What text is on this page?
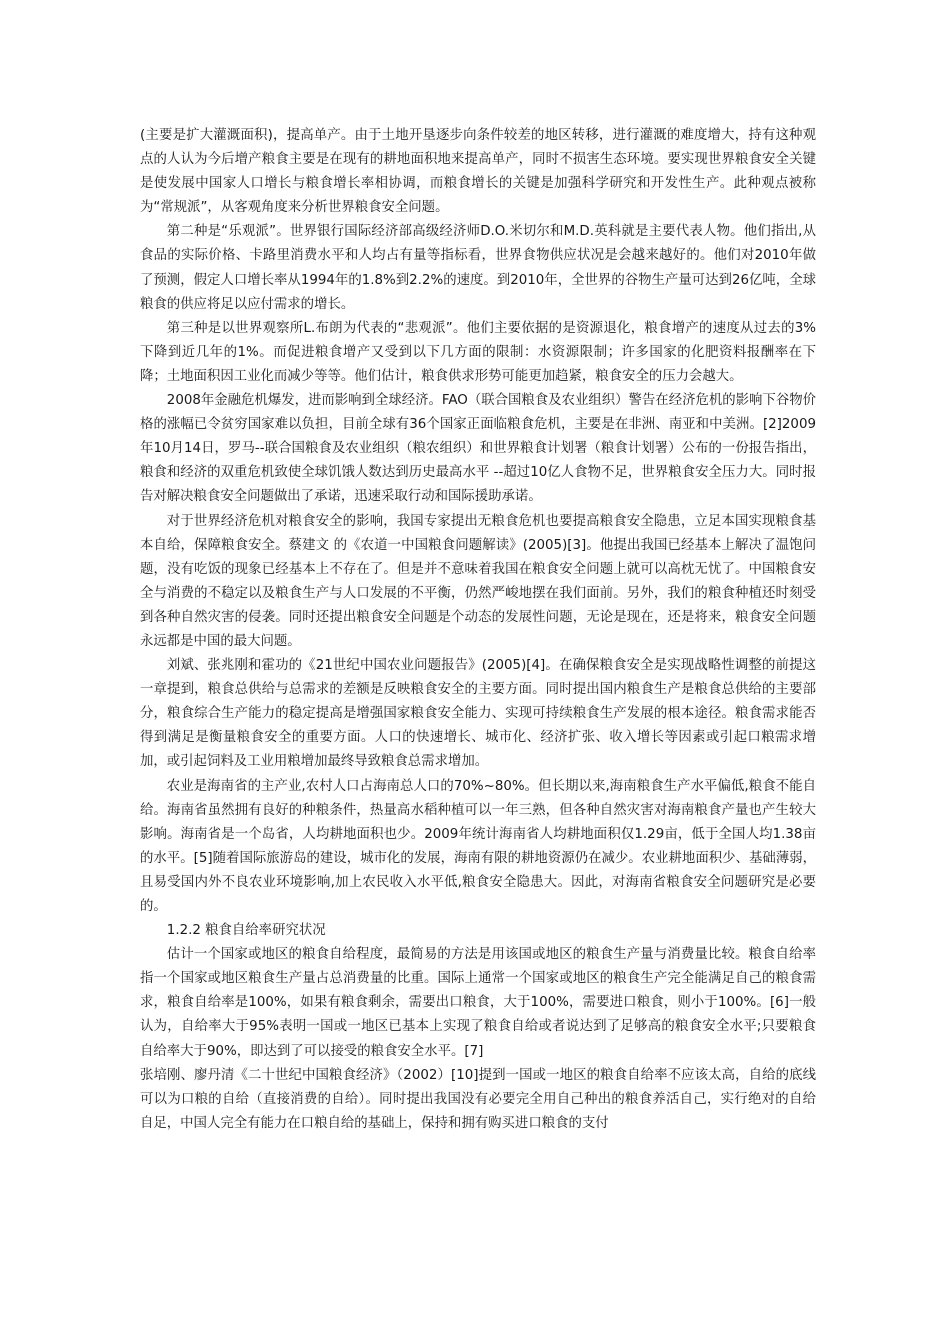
(主要是扩大灌溉面积)，提高单产。由于土地开垦逐步向条件较差的地区转移，进行灌溉的难度增大，持有这种观点的人认为今后增产粮食主要是在现有的耕地面积地来提高单产，同时不损害生态环境。要实现世界粮食安全关键是使发展中国家人口增长与粮食增长率相协调，而粮食增长的关键是加强科学研究和开发性生产。此种观点被称为“常规派”，从客观角度来分析世界粮食安全问题。

第二种是“乐观派”。世界银行国际经济部高级经济师D.O.米切尔和M.D.英科就是主要代表人物。他们指出,从食品的实际价格、卡路里消费水平和人均占有量等指标看，世界食物供应状况是会越来越好的。他们对2010年做了预测，假定人口增长率从1994年的1.8%到2.2%的速度。到2010年，全世界的谷物生产量可达到26亿吨，全球粮食的供应将足以应付需求的增长。

第三种是以世界观察所L.布朗为代表的“悲观派”。他们主要依据的是资源退化，粮食增产的速度从过去的3%下降到近几年的1%。而促进粮食增产又受到以下几方面的限制：水资源限制；许多国家的化肥资料报酬率在下降；土地面积因工业化而减少等等。他们估计，粮食供求形势可能更加趋紧，粮食安全的压力会越大。

2008年金融危机爆发，进而影响到全球经济。FAO（联合国粮食及农业组织）警告在经济危机的影响下谷物价格的涨幅已令贫穷国家难以负担，目前全球有36个国家正面临粮食危机，主要是在非洲、南亚和中美洲。[2]2009年10月14日，罗马--联合国粮食及农业组织（粮农组织）和世界粮食计划署（粮食计划署）公布的一份报告指出，粮食和经济的双重危机致使全球饥饿人数达到历史最高水平 --超过10亿人食物不足，世界粮食安全压力大。同时报告对解决粮食安全问题做出了承诺，迅速采取行动和国际援助承诺。

对于世界经济危机对粮食安全的影响，我国专家提出无粮食危机也要提高粮食安全隐患，立足本国实现粮食基本自给，保障粮食安全。蔡建文 的《农道一中国粮食问题解读》(2005)[3]。他提出我国已经基本上解决了温饱问题，没有吃饭的现象已经基本上不存在了。但是并不意味着我国在粮食安全问题上就可以高枕无忧了。中国粮食安全与消费的不稳定以及粮食生产与人口发展的不平衡，仍然严峻地摆在我们面前。另外，我们的粮食种植还时刻受到各种自然灾害的侵袭。同时还提出粮食安全问题是个动态的发展性问题，无论是现在，还是将来，粮食安全问题永远都是中国的最大问题。

刘斌、张兆刚和霍功的《21世纪中国农业问题报告》(2005)[4]。在确保粮食安全是实现战略性调整的前提这一章提到，粮食总供给与总需求的差额是反映粮食安全的主要方面。同时提出国内粮食生产是粮食总供给的主要部分，粮食综合生产能力的稳定提高是增强国家粮食安全能力、实现可持续粮食生产发展的根本途径。粮食需求能否得到满足是衡量粮食安全的重要方面。人口的快速增长、城市化、经济扩张、收入增长等因素或引起口粮需求增加，或引起饲料及工业用粮增加最终导致粮食总需求增加。

农业是海南省的主产业,农村人口占海南总人口的70%~80%。但长期以来,海南粮食生产水平偏低,粮食不能自给。海南省虽然拥有良好的种粮条件，热量高水稻种植可以一年三熟，但各种自然灾害对海南粮食产量也产生较大影响。海南省是一个岛省，人均耕地面积也少。2009年统计海南省人均耕地面积仅1.29亩，低于全国人均1.38亩的水平。[5]随着国际旅游岛的建设，城市化的发展，海南有限的耕地资源仍在减少。农业耕地面积少、基础薄弱，且易受国内外不良农业环境影响,加上农民收入水平低,粮食安全隐患大。因此，对海南省粮食安全问题研究是必要的。

1.2.2 粮食自给率研究状况

估计一个国家或地区的粮食自给程度，最简易的方法是用该国或地区的粮食生产量与消费量比较。粮食自给率指一个国家或地区粮食生产量占总消费量的比重。国际上通常一个国家或地区的粮食生产完全能满足自己的粮食需求，粮食自给率是100%，如果有粮食剩余，需要出口粮食，大于100%，需要进口粮食，则小于100%。[6]一般认为，自给率大于95%表明一国或一地区已基本上实现了粮食自给或者说达到了足够高的粮食安全水平;只要粮食自给率大于90%，即达到了可以接受的粮食安全水平。[7]

张培刚、廖丹清《二十世纪中国粮食经济》（2002）[10]提到一国或一地区的粮食自给率不应该太高，自给的底线可以为口粮的自给（直接消费的自给）。同时提出我国没有必要完全用自己种出的粮食养活自己，实行绝对的自给自足，中国人完全有能力在口粮自给的基础上，保持和拥有购买进口粮食的支付
